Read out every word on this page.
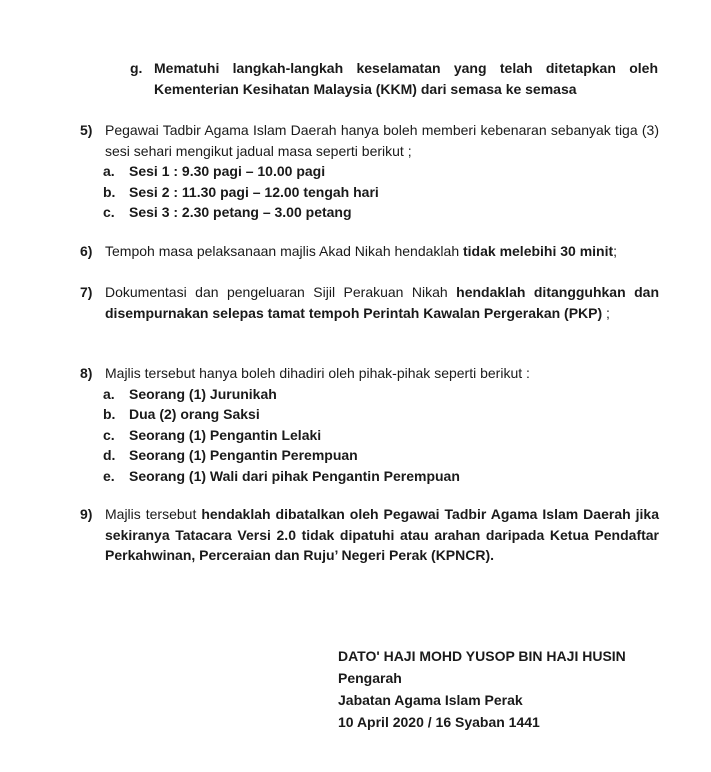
g. Mematuhi langkah-langkah keselamatan yang telah ditetapkan oleh Kementerian Kesihatan Malaysia (KKM) dari semasa ke semasa
5) Pegawai Tadbir Agama Islam Daerah hanya boleh memberi kebenaran sebanyak tiga (3) sesi sehari mengikut jadual masa seperti berikut ;
a. Sesi 1 : 9.30 pagi – 10.00 pagi
b. Sesi 2 : 11.30 pagi – 12.00 tengah hari
c. Sesi 3 : 2.30 petang – 3.00 petang
6) Tempoh masa pelaksanaan majlis Akad Nikah hendaklah tidak melebihi 30 minit;
7) Dokumentasi dan pengeluaran Sijil Perakuan Nikah hendaklah ditangguhkan dan disempurnakan selepas tamat tempoh Perintah Kawalan Pergerakan (PKP) ;
8) Majlis tersebut hanya boleh dihadiri oleh pihak-pihak seperti berikut :
a. Seorang (1) Jurunikah
b. Dua (2) orang Saksi
c. Seorang (1) Pengantin Lelaki
d. Seorang (1) Pengantin Perempuan
e. Seorang (1) Wali dari pihak Pengantin Perempuan
9) Majlis tersebut hendaklah dibatalkan oleh Pegawai Tadbir Agama Islam Daerah jika sekiranya Tatacara Versi 2.0 tidak dipatuhi atau arahan daripada Ketua Pendaftar Perkahwinan, Perceraian dan Ruju’ Negeri Perak (KPNCR).
DATO' HAJI MOHD YUSOP BIN HAJI HUSIN
Pengarah
Jabatan Agama Islam Perak
10 April 2020 / 16 Syaban 1441
